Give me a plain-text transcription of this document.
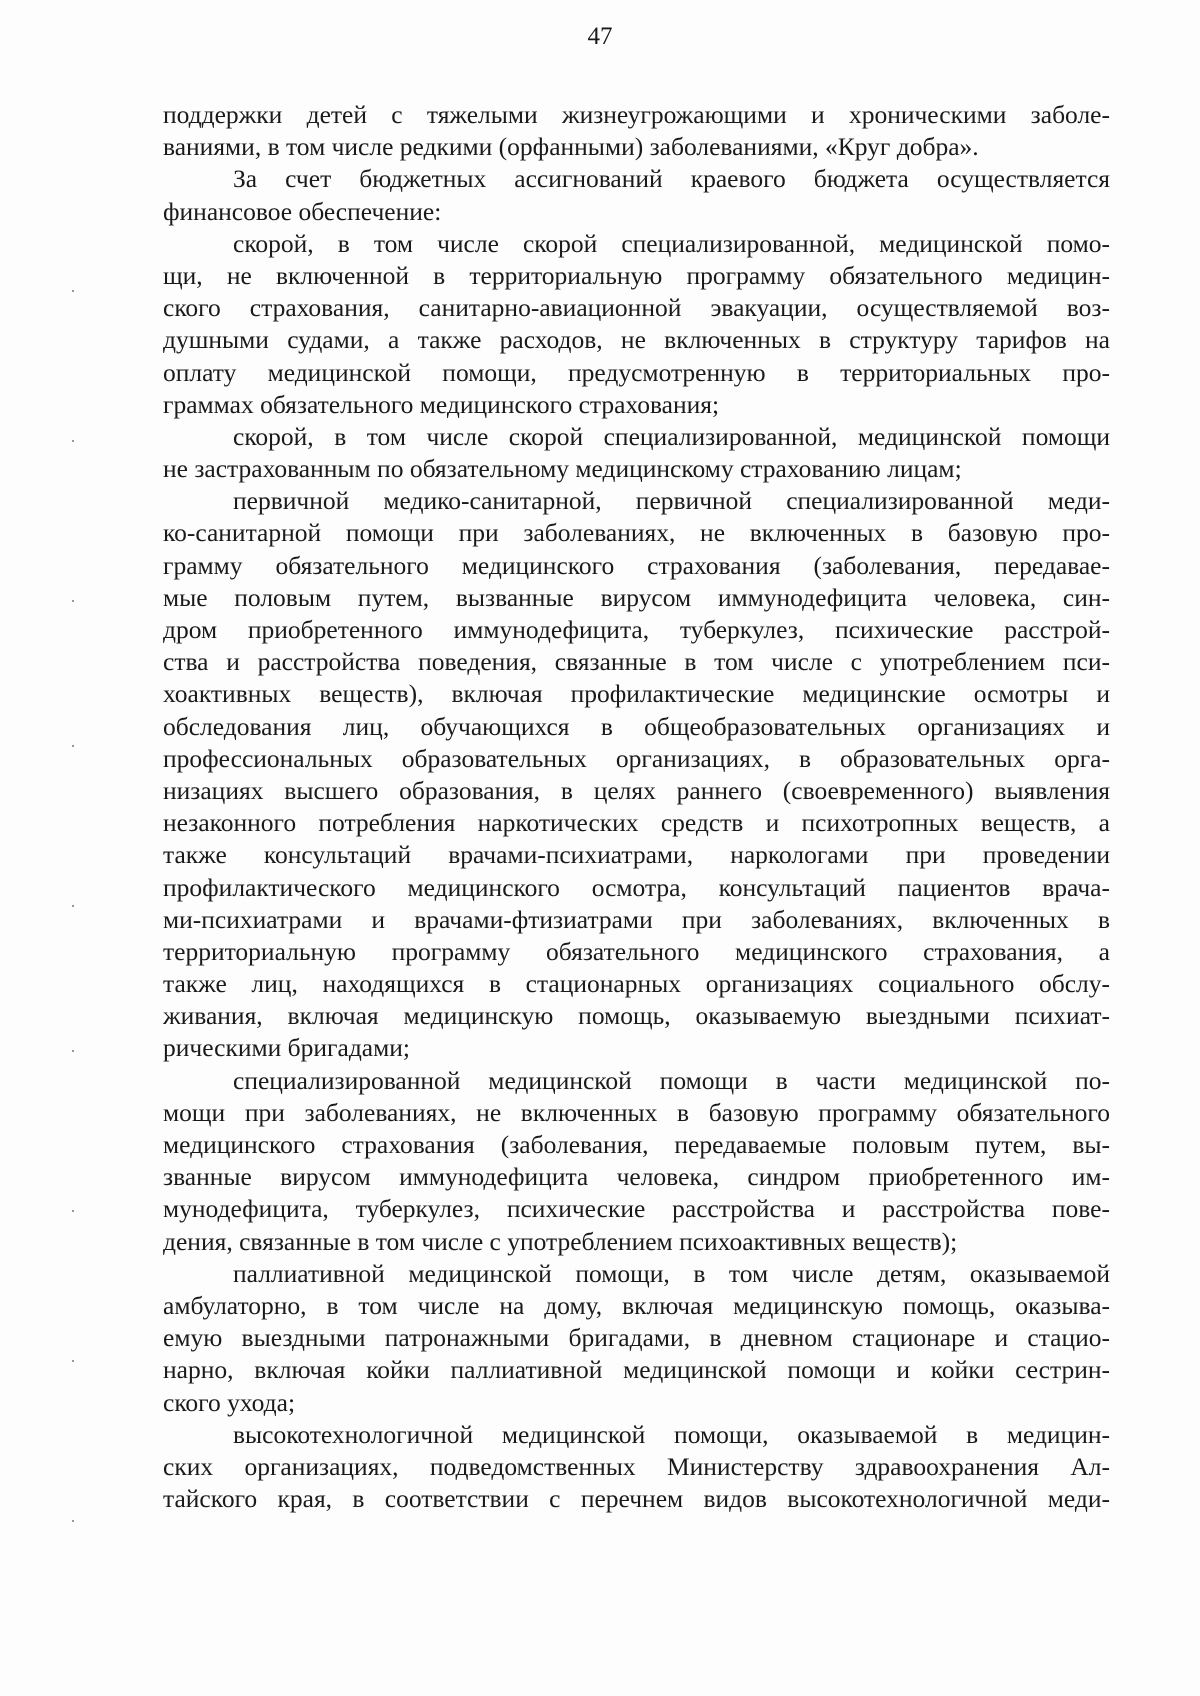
47
поддержки детей с тяжелыми жизнеугрожающими и хроническими заболе-
ваниями, в том числе редкими (орфанными) заболеваниями, «Круг добра».
За счет бюджетных ассигнований краевого бюджета осуществляется
финансовое обеспечение:
скорой, в том числе скорой специализированной, медицинской помо-
щи, не включенной в территориальную программу обязательного медицин-
ского страхования, санитарно-авиационной эвакуации, осуществляемой воз-
душными судами, а также расходов, не включенных в структуру тарифов на
оплату медицинской помощи, предусмотренную в территориальных про-
граммах обязательного медицинского страхования;
скорой, в том числе скорой специализированной, медицинской помощи
не застрахованным по обязательному медицинскому страхованию лицам;
первичной медико-санитарной, первичной специализированной меди-
ко-санитарной помощи при заболеваниях, не включенных в базовую про-
грамму обязательного медицинского страхования (заболевания, передавае-
мые половым путем, вызванные вирусом иммунодефицита человека, син-
дром приобретенного иммунодефицита, туберкулез, психические расстрой-
ства и расстройства поведения, связанные в том числе с употреблением пси-
хоактивных веществ), включая профилактические медицинские осмотры и
обследования лиц, обучающихся в общеобразовательных организациях и
профессиональных образовательных организациях, в образовательных орга-
низациях высшего образования, в целях раннего (своевременного) выявления
незаконного потребления наркотических средств и психотропных веществ, а
также консультаций врачами-психиатрами, наркологами при проведении
профилактического медицинского осмотра, консультаций пациентов врача-
ми-психиатрами и врачами-фтизиатрами при заболеваниях, включенных в
территориальную программу обязательного медицинского страхования, а
также лиц, находящихся в стационарных организациях социального обслу-
живания, включая медицинскую помощь, оказываемую выездными психиат-
рическими бригадами;
специализированной медицинской помощи в части медицинской по-
мощи при заболеваниях, не включенных в базовую программу обязательного
медицинского страхования (заболевания, передаваемые половым путем, вы-
званные вирусом иммунодефицита человека, синдром приобретенного им-
мунодефицита, туберкулез, психические расстройства и расстройства пове-
дения, связанные в том числе с употреблением психоактивных веществ);
паллиативной медицинской помощи, в том числе детям, оказываемой
амбулаторно, в том числе на дому, включая медицинскую помощь, оказыва-
емую выездными патронажными бригадами, в дневном стационаре и стацио-
нарно, включая койки паллиативной медицинской помощи и койки сестрин-
ского ухода;
высокотехнологичной медицинской помощи, оказываемой в медицин-
ских организациях, подведомственных Министерству здравоохранения Ал-
тайского края, в соответствии с перечнем видов высокотехнологичной меди-
